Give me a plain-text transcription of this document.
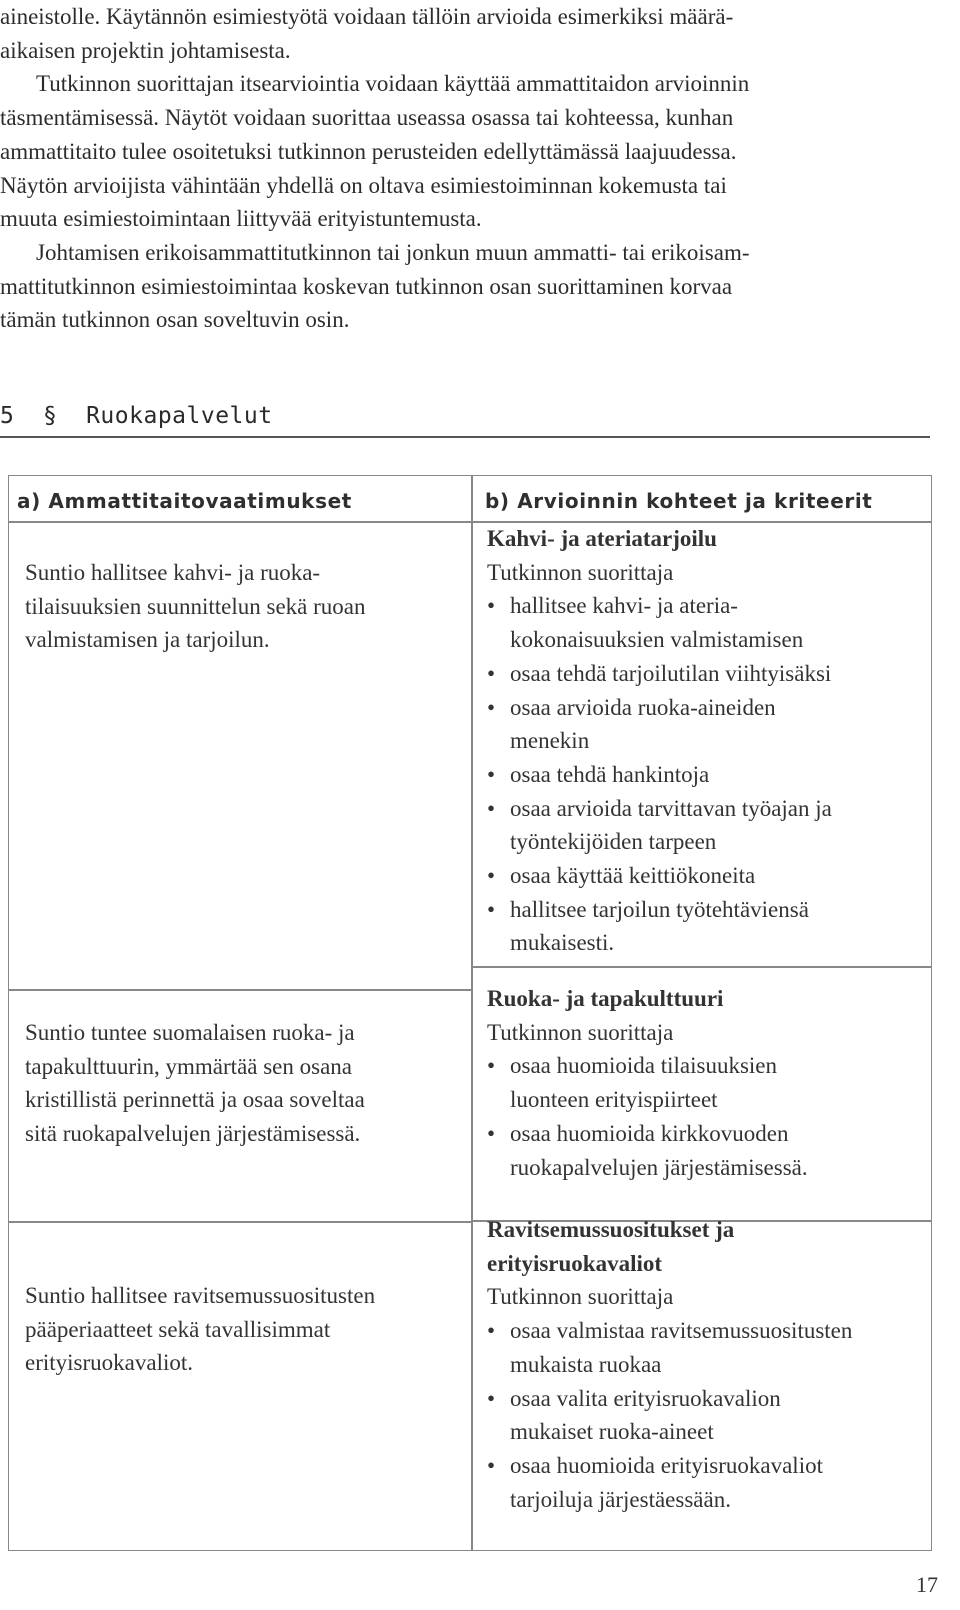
aineistolle. Käytännön esimiestyötä voidaan tällöin arvioida esimerkiksi määrä-
aikaisen projektin johtamisesta.

Tutkinnon suorittajan itsearviointia voidaan käyttää ammattitaidon arvioinnin
täsmentämisessä. Näytöt voidaan suorittaa useassa osassa tai kohteessa, kunhan
ammattitaito tulee osoitetuksi tutkinnon perusteiden edellyttämässä laajuudessa.
Näytön arvioijista vähintään yhdellä on oltava esimiestoiminnan kokemusta tai
muuta esimiestoimintaan liittyvää erityistuntemusta.

Johtamisen erikoisammattitutkinnon tai jonkun muun ammatti- tai erikoisam-
mattitutkinnon esimiestoimintaa koskevan tutkinnon osan suorittaminen korvaa
tämän tutkinnon osan soveltuvin osin.

5  §  Ruokapalvelut
a) Ammattitaitovaatimukset	b) Arvioinnin kohteet ja kriteerit
Suntio hallitsee kahvi- ja ruoka-
tilaisuuksien suunnittelun sekä ruoan
valmistamisen ja tarjoilun.
Kahvi- ja ateriatarjoilu
Tutkinnon suorittaja
• hallitsee kahvi- ja ateria-
kokonaisuuksien valmistamisen
• osaa tehdä tarjoilutilan viihtyisäksi
• osaa arvioida ruoka-aineiden
menekin
• osaa tehdä hankintoja
• osaa arvioida tarvittavan työajan ja
työntekijöiden tarpeen
• osaa käyttää keittiökoneita
• hallitsee tarjoilun työtehtäviensä
mukaisesti.
Suntio tuntee suomalaisen ruoka- ja
tapakulttuurin, ymmärtää sen osana
kristillistä perinnettä ja osaa soveltaa
sitä ruokapalvelujen järjestämisessä.
Ruoka- ja tapakulttuuri
Tutkinnon suorittaja
• osaa huomioida tilaisuuksien
luonteen erityispiirteet
• osaa huomioida kirkkovuoden
ruokapalvelujen järjestämisessä.
Suntio hallitsee ravitsemussuositusten
pääperiaatteet sekä tavallisimmat
erityisruokavaliot.
Ravitsemussuositukset ja
erityisruokavaliot
Tutkinnon suorittaja
• osaa valmistaa ravitsemussuositusten
mukaista ruokaa
• osaa valita erityisruokavalion
mukaiset ruoka-aineet
• osaa huomioida erityisruokavaliot
tarjoiluja järjestäessään.
17
